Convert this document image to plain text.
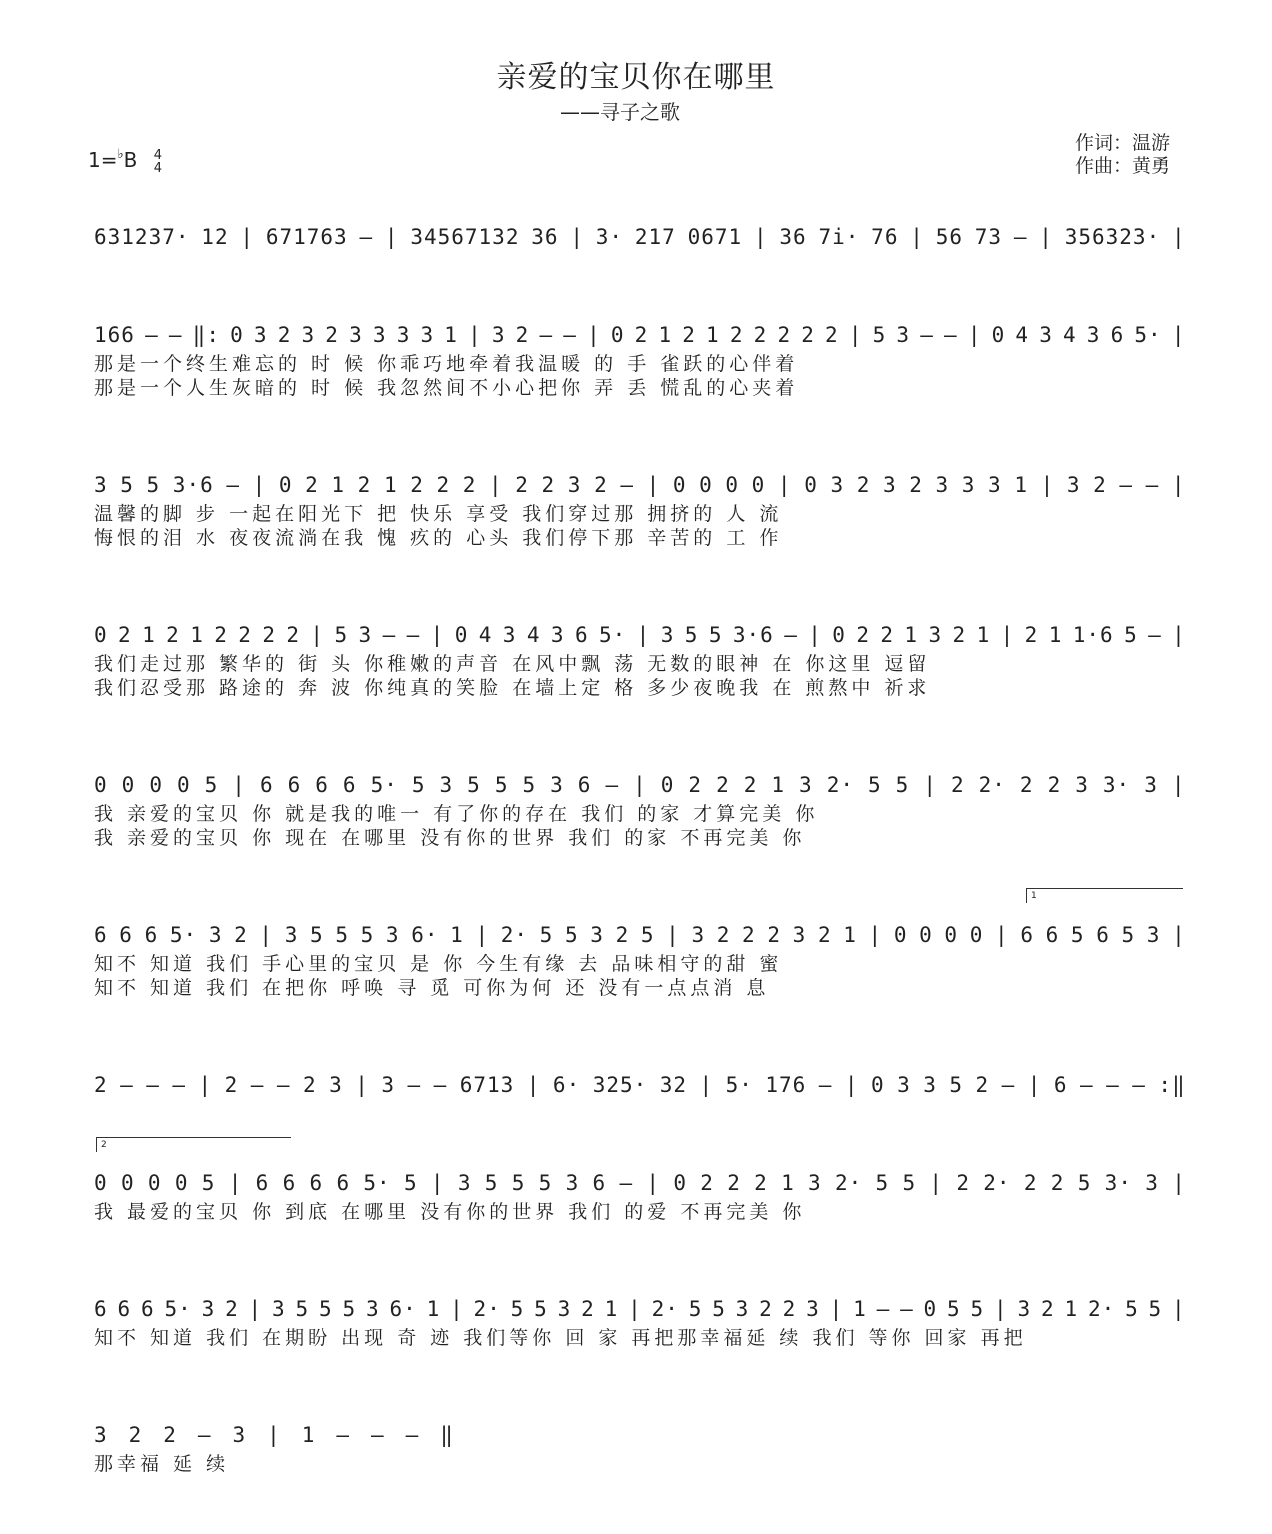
亲爱的宝贝你在哪里
——寻子之歌
作词：温游
作曲：黄勇
1=♭B 4
4
631237· 12 | 671763 – | 34567132 36 | 3· 217 0671 | 36 7i· 76 | 56 73 – | 356323· |
166 – – ‖: 0 3 2 3 2 3 3 3 3 1 | 3 2 – – | 0 2 1 2 1 2 2 2 2 2 | 5 3 – – | 0 4 3 4 3 6 5· |
那是一个终生难忘的 时 候 你乖巧地牵着我温暖 的 手 雀跃的心伴着
那是一个人生灰暗的 时 候 我忽然间不小心把你 弄 丢 慌乱的心夹着
3 5 5 3·6 – | 0 2 1 2 1 2 2 2 | 2 2 3 2 – | 0 0 0 0 | 0 3 2 3 2 3 3 3 1 | 3 2 – – |
温馨的脚 步 一起在阳光下 把 快乐 享受 我们穿过那 拥挤的 人 流
悔恨的泪 水 夜夜流淌在我 愧 疚的 心头 我们停下那 辛苦的 工 作
0 2 1 2 1 2 2 2 2 | 5 3 – – | 0 4 3 4 3 6 5· | 3 5 5 3·6 – | 0 2 2 1 3 2 1 | 2 1 1·6 5 – |
我们走过那 繁华的 街 头 你稚嫩的声音 在风中飘 荡 无数的眼神 在 你这里 逗留
我们忍受那 路途的 奔 波 你纯真的笑脸 在墙上定 格 多少夜晚我 在 煎熬中 祈求
0 0 0 0 5 | 6 6 6 6 5· 5 3 5 5 5 3 6 – | 0 2 2 2 1 3 2· 5 5 | 2 2· 2 2 3 3· 3 |
我 亲爱的宝贝 你 就是我的唯一 有了你的存在 我们 的家 才算完美 你
我 亲爱的宝贝 你 现在 在哪里 没有你的世界 我们 的家 不再完美 你
1
6 6 6 5· 3 2 | 3 5 5 5 3 6· 1 | 2· 5 5 3 2 5 | 3 2 2 2 3 2 1 | 0 0 0 0 | 6 6 5 6 5 3 |
知不 知道 我们 手心里的宝贝 是 你 今生有缘 去 品味相守的甜 蜜
知不 知道 我们 在把你 呼唤 寻 觅 可你为何 还 没有一点点消 息
2 – – – | 2 – – 2 3 | 3 – – 6713 | 6· 325· 32 | 5· 176 – | 0 3 3 5 2 – | 6 – – – :‖
2
0 0 0 0 5 | 6 6 6 6 5· 5 | 3 5 5 5 3 6 – | 0 2 2 2 1 3 2· 5 5 | 2 2· 2 2 5 3· 3 |
我 最爱的宝贝 你 到底 在哪里 没有你的世界 我们 的爱 不再完美 你
6 6 6 5· 3 2 | 3 5 5 5 3 6· 1 | 2· 5 5 3 2 1 | 2· 5 5 3 2 2 3 | 1 – – 0 5 5 | 3 2 1 2· 5 5 |
知不 知道 我们 在期盼 出现 奇 迹 我们等你 回 家 再把那幸福延 续 我们 等你 回家 再把
3 2 2 – 3 | 1 – – – ‖
那幸福 延 续
